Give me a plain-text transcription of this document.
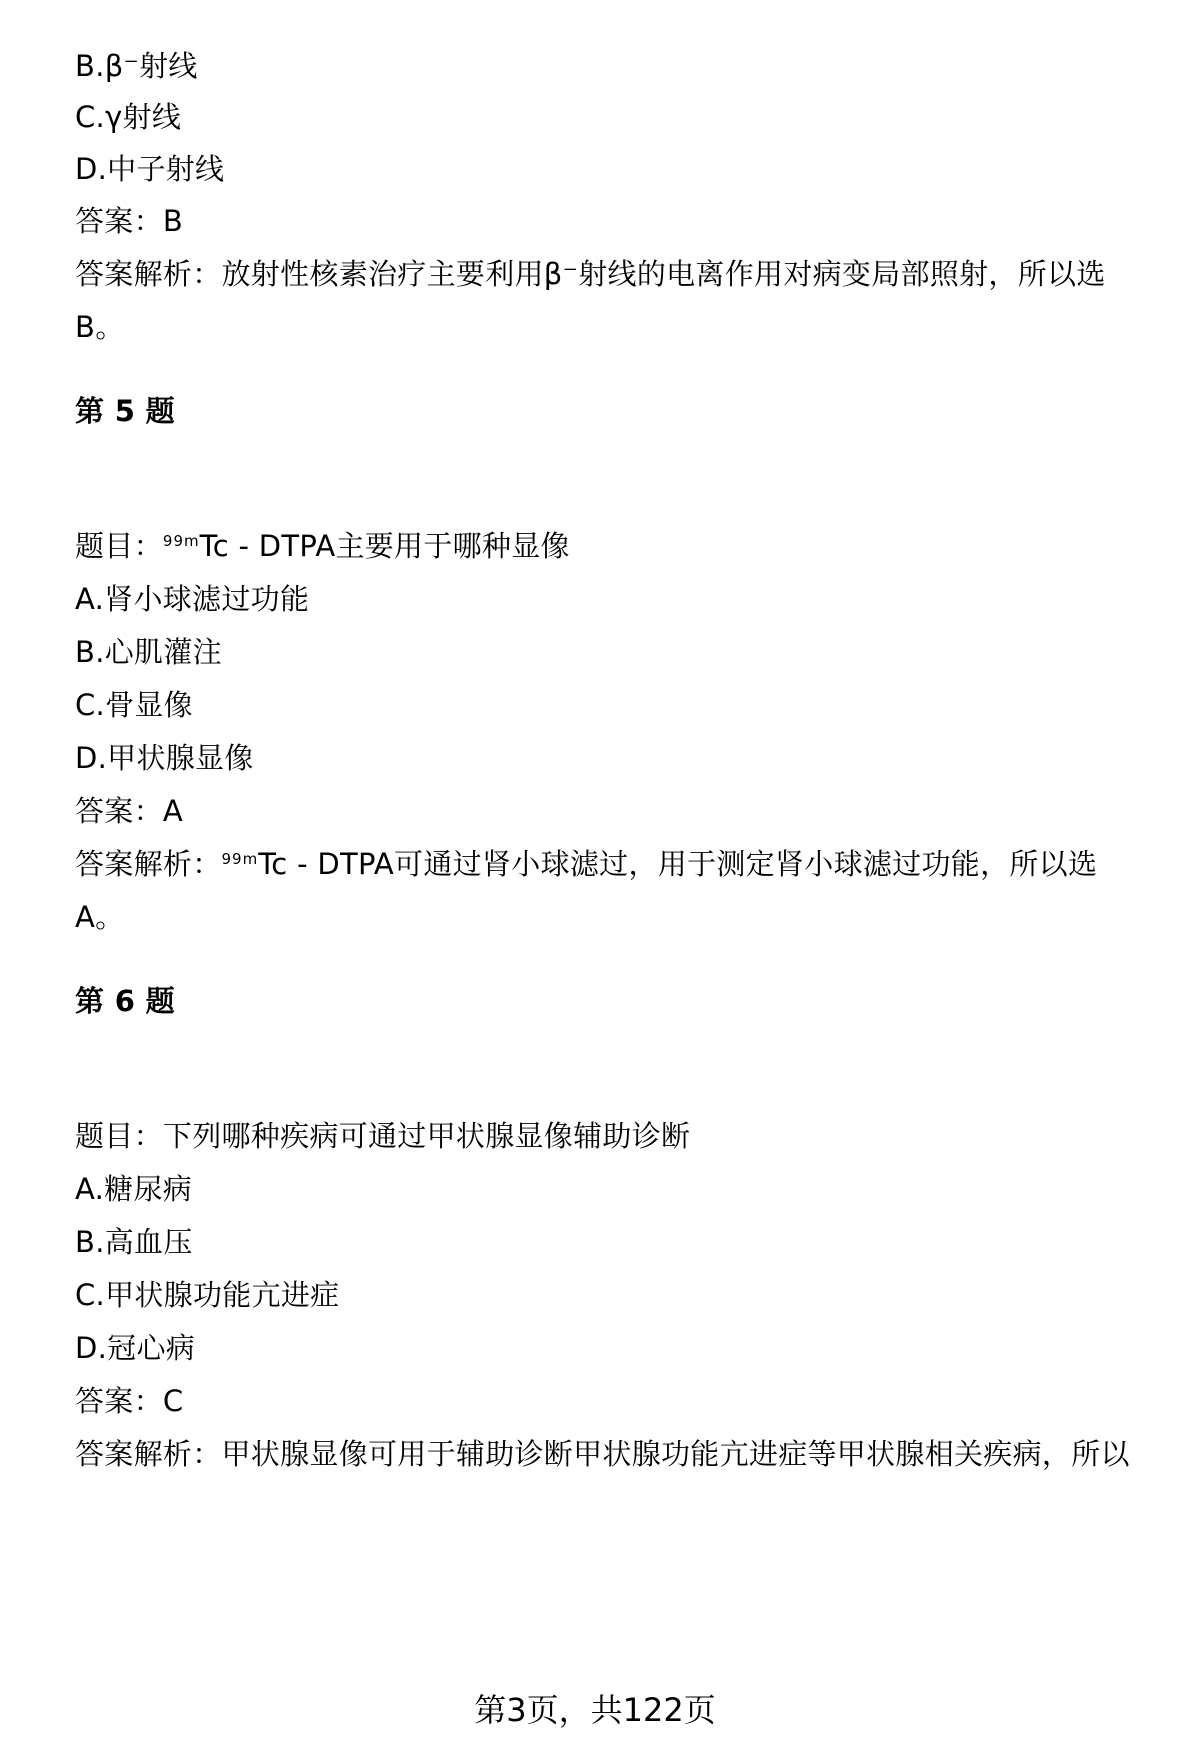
B.β⁻射线
C.γ射线
D.中子射线
答案：B
答案解析：放射性核素治疗主要利用β⁻射线的电离作用对病变局部照射，所以选
B。
第 5 题
题目：$^{99m}$Tc - DTPA主要用于哪种显像
A.肾小球滤过功能
B.心肌灌注
C.骨显像
D.甲状腺显像
答案：A
答案解析：$^{99m}$Tc - DTPA可通过肾小球滤过，用于测定肾小球滤过功能，所以选
A。
第 6 题
题目：下列哪种疾病可通过甲状腺显像辅助诊断
A.糖尿病
B.高血压
C.甲状腺功能亢进症
D.冠心病
答案：C
答案解析：甲状腺显像可用于辅助诊断甲状腺功能亢进症等甲状腺相关疾病，所以
第3页，共122页
